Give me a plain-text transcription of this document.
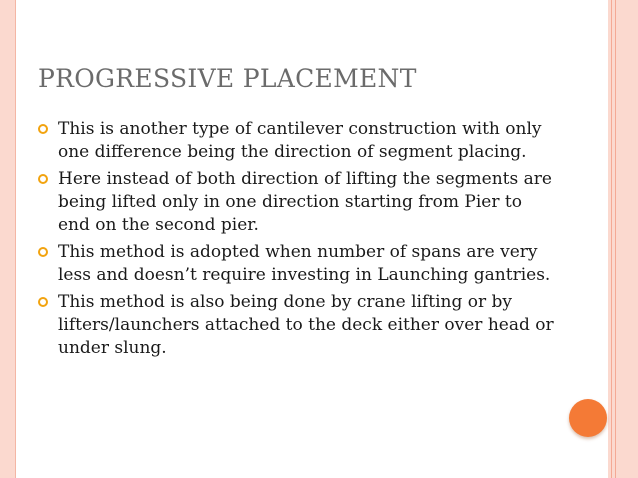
PROGRESSIVE PLACEMENT
This is another type of cantilever construction with only one difference being the direction of segment placing.
Here instead of both direction of lifting the segments are being lifted only in one direction starting from Pier to end on the second pier.
This method is adopted when number of spans are very less and doesn’t require investing in Launching gantries.
This method is also being done by crane lifting or by lifters/launchers attached to the deck either over head or under slung.
